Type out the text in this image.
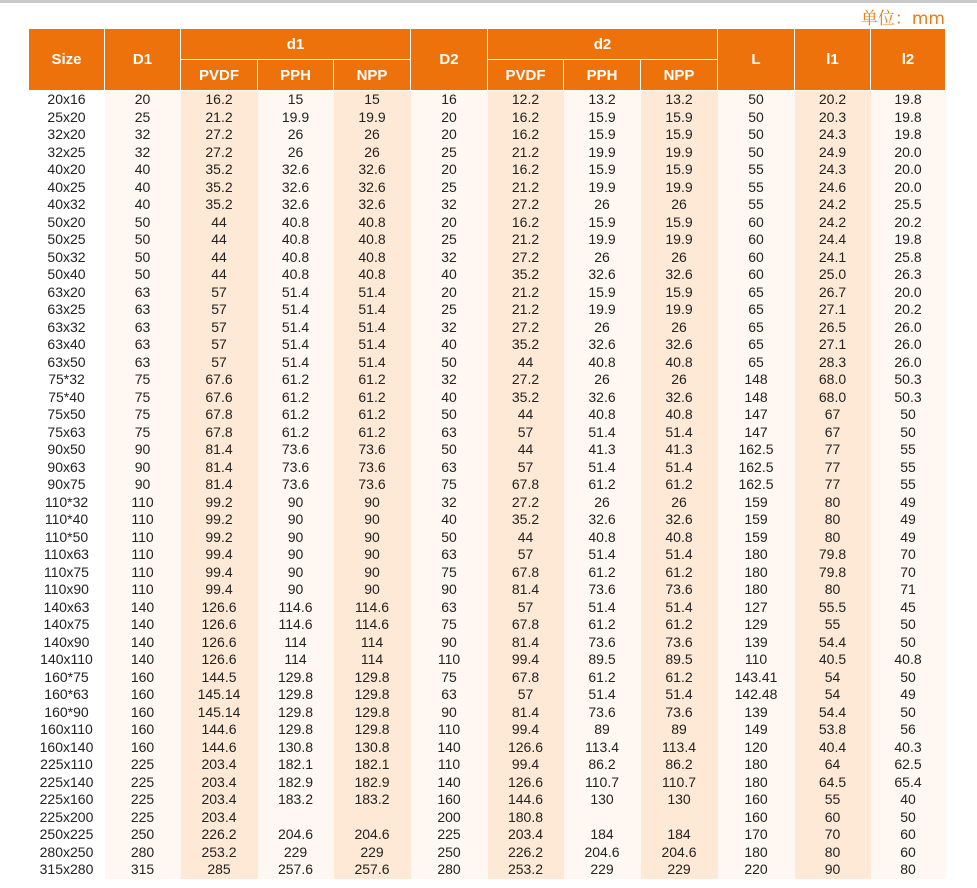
单位：mm
Size	D1	d1			D2	d2			L	l1	l2
		PVDF	PPH	NPP		PVDF	PPH	NPP			
20x16	20	16.2	15	15	16	12.2	13.2	13.2	50	20.2	19.8
25x20	25	21.2	19.9	19.9	20	16.2	15.9	15.9	50	20.3	19.8
32x20	32	27.2	26	26	20	16.2	15.9	15.9	50	24.3	19.8
32x25	32	27.2	26	26	25	21.2	19.9	19.9	50	24.9	20.0
40x20	40	35.2	32.6	32.6	20	16.2	15.9	15.9	55	24.3	20.0
40x25	40	35.2	32.6	32.6	25	21.2	19.9	19.9	55	24.6	20.0
40x32	40	35.2	32.6	32.6	32	27.2	26	26	55	24.2	25.5
50x20	50	44	40.8	40.8	20	16.2	15.9	15.9	60	24.2	20.2
50x25	50	44	40.8	40.8	25	21.2	19.9	19.9	60	24.4	19.8
50x32	50	44	40.8	40.8	32	27.2	26	26	60	24.1	25.8
50x40	50	44	40.8	40.8	40	35.2	32.6	32.6	60	25.0	26.3
63x20	63	57	51.4	51.4	20	21.2	15.9	15.9	65	26.7	20.0
63x25	63	57	51.4	51.4	25	21.2	19.9	19.9	65	27.1	20.2
63x32	63	57	51.4	51.4	32	27.2	26	26	65	26.5	26.0
63x40	63	57	51.4	51.4	40	35.2	32.6	32.6	65	27.1	26.0
63x50	63	57	51.4	51.4	50	44	40.8	40.8	65	28.3	26.0
75*32	75	67.6	61.2	61.2	32	27.2	26	26	148	68.0	50.3
75*40	75	67.6	61.2	61.2	40	35.2	32.6	32.6	148	68.0	50.3
75x50	75	67.8	61.2	61.2	50	44	40.8	40.8	147	67	50
75x63	75	67.8	61.2	61.2	63	57	51.4	51.4	147	67	50
90x50	90	81.4	73.6	73.6	50	44	41.3	41.3	162.5	77	55
90x63	90	81.4	73.6	73.6	63	57	51.4	51.4	162.5	77	55
90x75	90	81.4	73.6	73.6	75	67.8	61.2	61.2	162.5	77	55
110*32	110	99.2	90	90	32	27.2	26	26	159	80	49
110*40	110	99.2	90	90	40	35.2	32.6	32.6	159	80	49
110*50	110	99.2	90	90	50	44	40.8	40.8	159	80	49
110x63	110	99.4	90	90	63	57	51.4	51.4	180	79.8	70
110x75	110	99.4	90	90	75	67.8	61.2	61.2	180	79.8	70
110x90	110	99.4	90	90	90	81.4	73.6	73.6	180	80	71
140x63	140	126.6	114.6	114.6	63	57	51.4	51.4	127	55.5	45
140x75	140	126.6	114.6	114.6	75	67.8	61.2	61.2	129	55	50
140x90	140	126.6	114	114	90	81.4	73.6	73.6	139	54.4	50
140x110	140	126.6	114	114	110	99.4	89.5	89.5	110	40.5	40.8
160*75	160	144.5	129.8	129.8	75	67.8	61.2	61.2	143.41	54	50
160*63	160	145.14	129.8	129.8	63	57	51.4	51.4	142.48	54	49
160*90	160	145.14	129.8	129.8	90	81.4	73.6	73.6	139	54.4	50
160x110	160	144.6	129.8	129.8	110	99.4	89	89	149	53.8	56
160x140	160	144.6	130.8	130.8	140	126.6	113.4	113.4	120	40.4	40.3
225x110	225	203.4	182.1	182.1	110	99.4	86.2	86.2	180	64	62.5
225x140	225	203.4	182.9	182.9	140	126.6	110.7	110.7	180	64.5	65.4
225x160	225	203.4	183.2	183.2	160	144.6	130	130	160	55	40
225x200	225	203.4			200	180.8			160	60	50
250x225	250	226.2	204.6	204.6	225	203.4	184	184	170	70	60
280x250	280	253.2	229	229	250	226.2	204.6	204.6	180	80	60
315x280	315	285	257.6	257.6	280	253.2	229	229	220	90	80
